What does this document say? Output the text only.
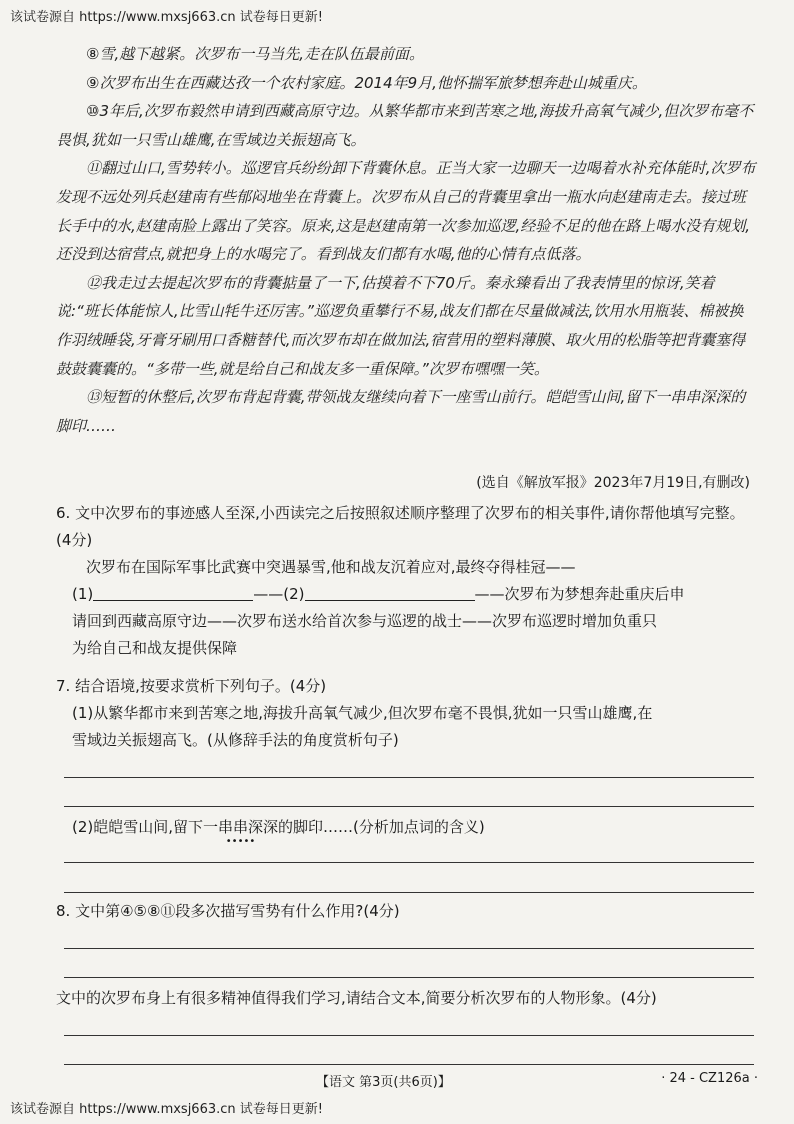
该试卷源自 https://www.mxsj663.cn 试卷每日更新!

⑧雪,越下越紧。次罗布一马当先,走在队伍最前面。

⑨次罗布出生在西藏达孜一个农村家庭。2014年9月,他怀揣军旅梦想奔赴山城重庆。

⑩3年后,次罗布毅然申请到西藏高原守边。从繁华都市来到苦寒之地,海拔升高氧气减少,但次罗布毫不畏惧,犹如一只雪山雄鹰,在雪域边关振翅高飞。

⑪翻过山口,雪势转小。巡逻官兵纷纷卸下背囊休息。正当大家一边聊天一边喝着水补充体能时,次罗布发现不远处列兵赵建南有些郁闷地坐在背囊上。次罗布从自己的背囊里拿出一瓶水向赵建南走去。接过班长手中的水,赵建南脸上露出了笑容。原来,这是赵建南第一次参加巡逻,经验不足的他在路上喝水没有规划,还没到达宿营点,就把身上的水喝完了。看到战友们都有水喝,他的心情有点低落。

⑫我走过去提起次罗布的背囊掂量了一下,估摸着不下70斤。秦永臻看出了我表情里的惊讶,笑着说:“班长体能惊人,比雪山牦牛还厉害。”巡逻负重攀行不易,战友们都在尽量做减法,饮用水用瓶装、棉被换作羽绒睡袋,牙膏牙刷用口香糖替代,而次罗布却在做加法,宿营用的塑料薄膜、取火用的松脂等把背囊塞得鼓鼓囊囊的。“多带一些,就是给自己和战友多一重保障。”次罗布嘿嘿一笑。

⑬短暂的休整后,次罗布背起背囊,带领战友继续向着下一座雪山前行。皑皑雪山间,留下一串串深深的脚印……

(选自《解放军报》2023年7月19日,有删改)
6. 文中次罗布的事迹感人至深,小西读完之后按照叙述顺序整理了次罗布的相关事件,请你帮他填写完整。(4分)
次罗布在国际军事比武赛中突遇暴雪,他和战友沉着应对,最终夺得桂冠——
(1)	——(2)	——次罗布为梦想奔赴重庆后申
请回到西藏高原守边——次罗布送水给首次参与巡逻的战士——次罗布巡逻时增加负重只
为给自己和战友提供保障
7. 结合语境,按要求赏析下列句子。(4分)
(1)从繁华都市来到苦寒之地,海拔升高氧气减少,但次罗布毫不畏惧,犹如一只雪山雄鹰,在
雪域边关振翅高飞。(从修辞手法的角度赏析句子)
(2)皑皑雪山间,留下一串串深深
•••••
的脚印……(分析加点词的含义)
8. 文中第④⑤⑧⑪段多次描写雪势有什么作用?(4分)
文中的次罗布身上有很多精神值得我们学习,请结合文本,简要分析次罗布的人物形象。(4分)
【语文 第3页(共6页)】	· 24 - CZ126a ·
该试卷源自 https://www.mxsj663.cn 试卷每日更新!
